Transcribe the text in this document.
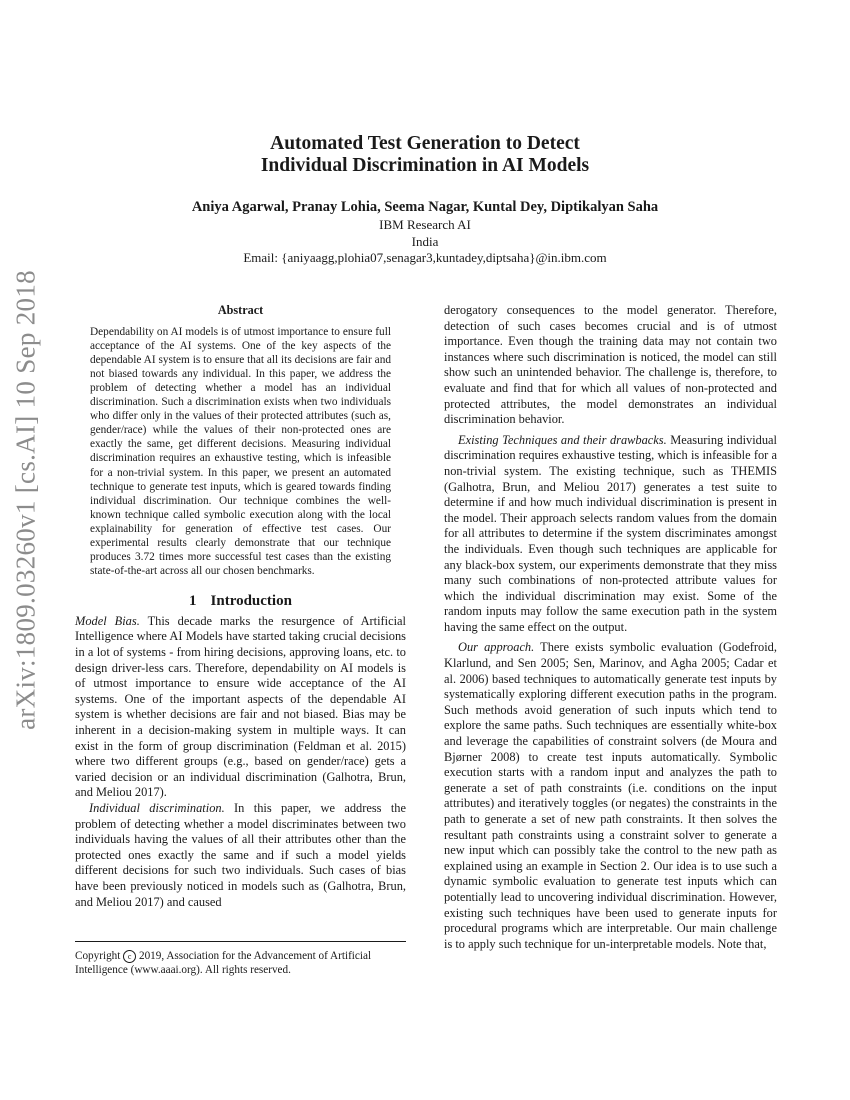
arXiv:1809.03260v1 [cs.AI] 10 Sep 2018
Automated Test Generation to Detect
Individual Discrimination in AI Models
Aniya Agarwal, Pranay Lohia, Seema Nagar, Kuntal Dey, Diptikalyan Saha
IBM Research AI
India
Email: {aniyaagg,plohia07,senagar3,kuntadey,diptsaha}@in.ibm.com
Abstract

Dependability on AI models is of utmost importance to ensure full acceptance of the AI systems. One of the key aspects of the dependable AI system is to ensure that all its decisions are fair and not biased towards any individual. In this paper, we address the problem of detecting whether a model has an individual discrimination. Such a discrimination exists when two individuals who differ only in the values of their protected attributes (such as, gender/race) while the values of their non-protected ones are exactly the same, get different decisions. Measuring individual discrimination requires an exhaustive testing, which is infeasible for a non-trivial system. In this paper, we present an automated technique to generate test inputs, which is geared towards finding individual discrimination. Our technique combines the well-known technique called symbolic execution along with the local explainability for generation of effective test cases. Our experimental results clearly demonstrate that our technique produces 3.72 times more successful test cases than the existing state-of-the-art across all our chosen benchmarks.

1 Introduction

Model Bias. This decade marks the resurgence of Artificial Intelligence where AI Models have started taking crucial decisions in a lot of systems - from hiring decisions, approving loans, etc. to design driver-less cars. Therefore, dependability on AI models is of utmost importance to ensure wide acceptance of the AI systems. One of the important aspects of the dependable AI system is whether decisions are fair and not biased. Bias may be inherent in a decision-making system in multiple ways. It can exist in the form of group discrimination (Feldman et al. 2015) where two different groups (e.g., based on gender/race) gets a varied decision or an individual discrimination (Galhotra, Brun, and Meliou 2017).

Individual discrimination. In this paper, we address the problem of detecting whether a model discriminates between two individuals having the values of all their attributes other than the protected ones exactly the same and if such a model yields different decisions for such two individuals. Such cases of bias have been previously noticed in models such as (Galhotra, Brun, and Meliou 2017) and caused

Copyright c 2019, Association for the Advancement of Artificial Intelligence (www.aaai.org). All rights reserved.

derogatory consequences to the model generator. Therefore, detection of such cases becomes crucial and is of utmost importance. Even though the training data may not contain two instances where such discrimination is noticed, the model can still show such an unintended behavior. The challenge is, therefore, to evaluate and find that for which all values of non-protected and protected attributes, the model demonstrates an individual discrimination behavior.

Existing Techniques and their drawbacks. Measuring individual discrimination requires exhaustive testing, which is infeasible for a non-trivial system. The existing technique, such as THEMIS (Galhotra, Brun, and Meliou 2017) generates a test suite to determine if and how much individual discrimination is present in the model. Their approach selects random values from the domain for all attributes to determine if the system discriminates amongst the individuals. Even though such techniques are applicable for any black-box system, our experiments demonstrate that they miss many such combinations of non-protected attribute values for which the individual discrimination may exist. Some of the random inputs may follow the same execution path in the system having the same effect on the output.

Our approach. There exists symbolic evaluation (Godefroid, Klarlund, and Sen 2005; Sen, Marinov, and Agha 2005; Cadar et al. 2006) based techniques to automatically generate test inputs by systematically exploring different execution paths in the program. Such methods avoid generation of such inputs which tend to explore the same paths. Such techniques are essentially white-box and leverage the capabilities of constraint solvers (de Moura and Bjørner 2008) to create test inputs automatically. Symbolic execution starts with a random input and analyzes the path to generate a set of path constraints (i.e. conditions on the input attributes) and iteratively toggles (or negates) the constraints in the path to generate a set of new path constraints. It then solves the resultant path constraints using a constraint solver to generate a new input which can possibly take the control to the new path as explained using an example in Section 2. Our idea is to use such a dynamic symbolic evaluation to generate test inputs which can potentially lead to uncovering individual discrimination. However, existing such techniques have been used to generate inputs for procedural programs which are interpretable. Our main challenge is to apply such technique for un-interpretable models. Note that,
